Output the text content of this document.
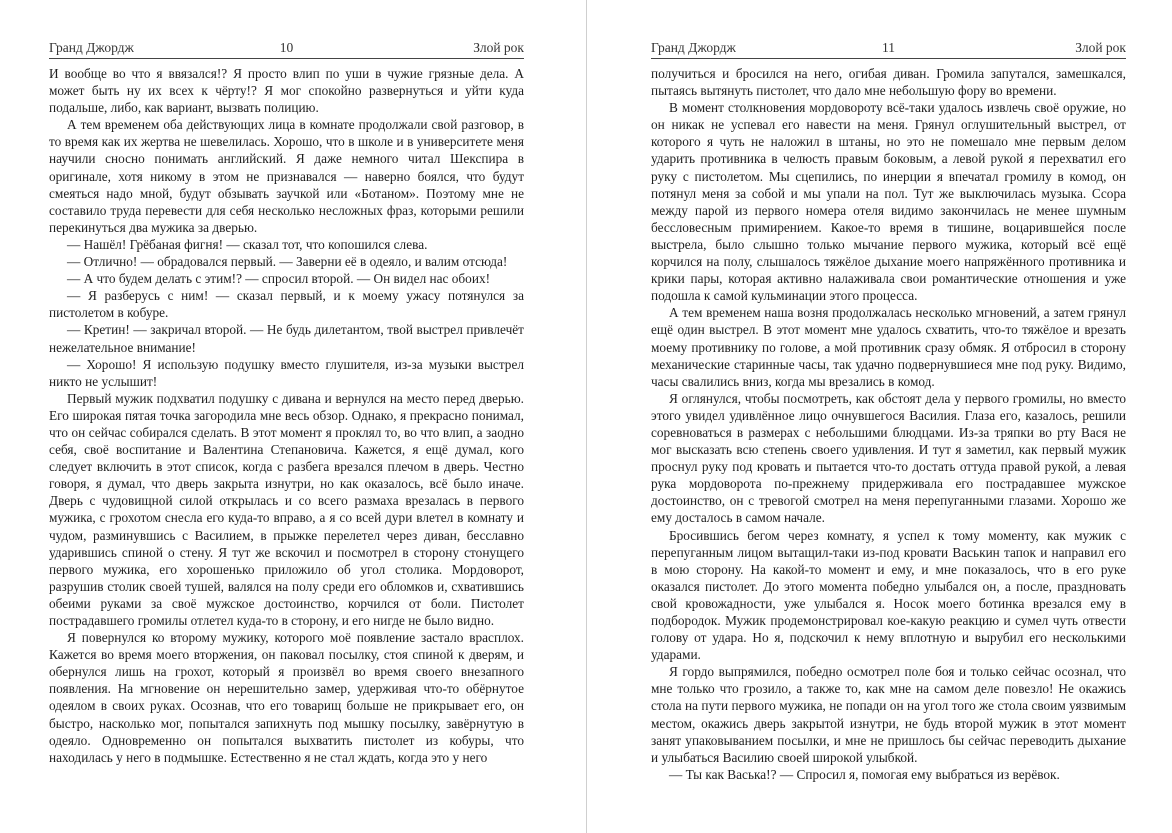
Гранд Джордж	10	Злой рок

И вообще во что я ввязался!? Я просто влип по уши в чужие грязные дела. А может быть ну их всех к чёрту!? Я мог спокойно развернуться и уйти куда подальше, либо, как вариант, вызвать полицию.

А тем временем оба действующих лица в комнате продолжали свой разговор, в то время как их жертва не шевелилась. Хорошо, что в школе и в университете меня научили сносно понимать английский. Я даже немного читал Шекспира в оригинале, хотя никому в этом не признавался — наверно боялся, что будут смеяться надо мной, будут обзывать заучкой или «Ботаном». Поэтому мне не составило труда перевести для себя несколько несложных фраз, которыми решили перекинуться два мужика за дверью.

— Нашёл! Грёбаная фигня! — сказал тот, что копошился слева.

— Отлично! — обрадовался первый. — Заверни её в одеяло, и валим отсюда!

— А что будем делать с этим!? — спросил второй. — Он видел нас обоих!

— Я разберусь с ним! — сказал первый, и к моему ужасу потянулся за пистолетом в кобуре.

— Кретин! — закричал второй. — Не будь дилетантом, твой выстрел привлечёт нежелательное внимание!

— Хорошо! Я использую подушку вместо глушителя, из-за музыки выстрел никто не услышит!

Первый мужик подхватил подушку с дивана и вернулся на место перед дверью. Его широкая пятая точка загородила мне весь обзор. Однако, я прекрасно понимал, что он сейчас собирался сделать. В этот момент я проклял то, во что влип, а заодно себя, своё воспитание и Валентина Степановича. Кажется, я ещё думал, кого следует включить в этот список, когда с разбега врезался плечом в дверь. Честно говоря, я думал, что дверь закрыта изнутри, но как оказалось, всё было иначе. Дверь с чудовищной силой открылась и со всего размаха врезалась в первого мужика, с грохотом снесла его куда-то вправо, а я со всей дури влетел в комнату и чудом, разминувшись с Василием, в прыжке перелетел через диван, бесславно ударившись спиной о стену. Я тут же вскочил и посмотрел в сторону стонущего первого мужика, его хорошенько приложило об угол столика. Мордоворот, разрушив столик своей тушей, валялся на полу среди его обломков и, схватившись обеими руками за своё мужское достоинство, корчился от боли. Пистолет пострадавшего громилы отлетел куда-то в сторону, и его нигде не было видно.

Я повернулся ко второму мужику, которого моё появление застало врасплох. Кажется во время моего вторжения, он паковал посылку, стоя спиной к дверям, и обернулся лишь на грохот, который я произвёл во время своего внезапного появления. На мгновение он нерешительно замер, удерживая что-то обёрнутое одеялом в своих руках. Осознав, что его товарищ больше не прикрывает его, он быстро, насколько мог, попытался запихнуть под мышку посылку, завёрнутую в одеяло. Одновременно он попытался выхватить пистолет из кобуры, что находилась у него в подмышке. Естественно я не стал ждать, когда это у него

Гранд Джордж	11	Злой рок

получиться и бросился на него, огибая диван. Громила запутался, замешкался, пытаясь вытянуть пистолет, что дало мне небольшую фору во времени.

В момент столкновения мордовороту всё-таки удалось извлечь своё оружие, но он никак не успевал его навести на меня. Грянул оглушительный выстрел, от которого я чуть не наложил в штаны, но это не помешало мне первым делом ударить противника в челюсть правым боковым, а левой рукой я перехватил его руку с пистолетом. Мы сцепились, по инерции я впечатал громилу в комод, он потянул меня за собой и мы упали на пол. Тут же выключилась музыка. Ссора между парой из первого номера отеля видимо закончилась не менее шумным бессловесным примирением. Какое-то время в тишине, воцарившейся после выстрела, было слышно только мычание первого мужика, который всё ещё корчился на полу, слышалось тяжёлое дыхание моего напряжённого противника и крики пары, которая активно налаживала свои романтические отношения и уже подошла к самой кульминации этого процесса.

А тем временем наша возня продолжалась несколько мгновений, а затем грянул ещё один выстрел. В этот момент мне удалось схватить, что-то тяжёлое и врезать моему противнику по голове, а мой противник сразу обмяк. Я отбросил в сторону механические старинные часы, так удачно подвернувшиеся мне под руку. Видимо, часы свалились вниз, когда мы врезались в комод.

Я оглянулся, чтобы посмотреть, как обстоят дела у первого громилы, но вместо этого увидел удивлённое лицо очнувшегося Василия. Глаза его, казалось, решили соревноваться в размерах с небольшими блюдцами. Из-за тряпки во рту Вася не мог высказать всю степень своего удивления. И тут я заметил, как первый мужик проснул руку под кровать и пытается что-то достать оттуда правой рукой, а левая рука мордоворота по-прежнему придерживала его пострадавшее мужское достоинство, он с тревогой смотрел на меня перепуганными глазами. Хорошо же ему досталось в самом начале.

Бросившись бегом через комнату, я успел к тому моменту, как мужик с перепуганным лицом вытащил-таки из-под кровати Васькин тапок и направил его в мою сторону. На какой-то момент и ему, и мне показалось, что в его руке оказался пистолет. До этого момента победно улыбался он, а после, праздновать свой кровожадности, уже улыбался я. Носок моего ботинка врезался ему в подбородок. Мужик продемонстрировал кое-какую реакцию и сумел чуть отвести голову от удара. Но я, подскочил к нему вплотную и вырубил его несколькими ударами.

Я гордо выпрямился, победно осмотрел поле боя и только сейчас осознал, что мне только что грозило, а также то, как мне на самом деле повезло! Не окажись стола на пути первого мужика, не попади он на угол того же стола своим уязвимым местом, окажись дверь закрытой изнутри, не будь второй мужик в этот момент занят упаковыванием посылки, и мне не пришлось бы сейчас переводить дыхание и улыбаться Василию своей широкой улыбкой.

— Ты как Васька!? — Спросил я, помогая ему выбраться из верёвок.
